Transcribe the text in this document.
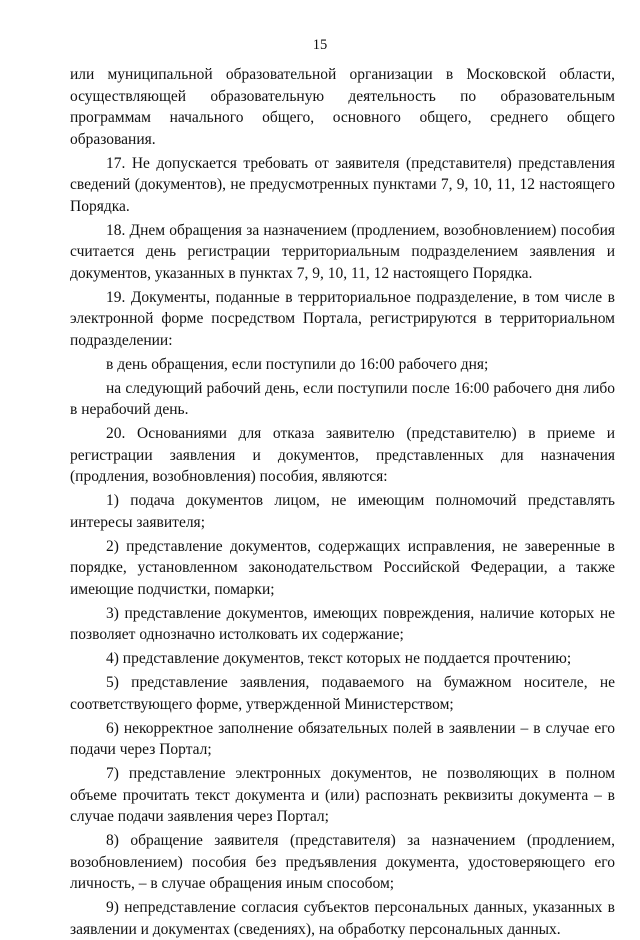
15

или муниципальной образовательной организации в Московской области, осуществляющей образовательную деятельность по образовательным программам начального общего, основного общего, среднего общего образования.

17. Не допускается требовать от заявителя (представителя) представления сведений (документов), не предусмотренных пунктами 7, 9, 10, 11, 12 настоящего Порядка.

18. Днем обращения за назначением (продлением, возобновлением) пособия считается день регистрации территориальным подразделением заявления и документов, указанных в пунктах 7, 9, 10, 11, 12 настоящего Порядка.

19. Документы, поданные в территориальное подразделение, в том числе в электронной форме посредством Портала, регистрируются в территориальном подразделении:

в день обращения, если поступили до 16:00 рабочего дня;

на следующий рабочий день, если поступили после 16:00 рабочего дня либо в нерабочий день.

20. Основаниями для отказа заявителю (представителю) в приеме и регистрации заявления и документов, представленных для назначения (продления, возобновления) пособия, являются:

1) подача документов лицом, не имеющим полномочий представлять интересы заявителя;

2) представление документов, содержащих исправления, не заверенные в порядке, установленном законодательством Российской Федерации, а также имеющие подчистки, помарки;

3) представление документов, имеющих повреждения, наличие которых не позволяет однозначно истолковать их содержание;

4) представление документов, текст которых не поддается прочтению;

5) представление заявления, подаваемого на бумажном носителе, не соответствующего форме, утвержденной Министерством;

6) некорректное заполнение обязательных полей в заявлении – в случае его подачи через Портал;

7) представление электронных документов, не позволяющих в полном объеме прочитать текст документа и (или) распознать реквизиты документа – в случае подачи заявления через Портал;

8) обращение заявителя (представителя) за назначением (продлением, возобновлением) пособия без предъявления документа, удостоверяющего его личность, – в случае обращения иным способом;

9) непредставление согласия субъектов персональных данных, указанных в заявлении и документах (сведениях), на обработку персональных данных.
